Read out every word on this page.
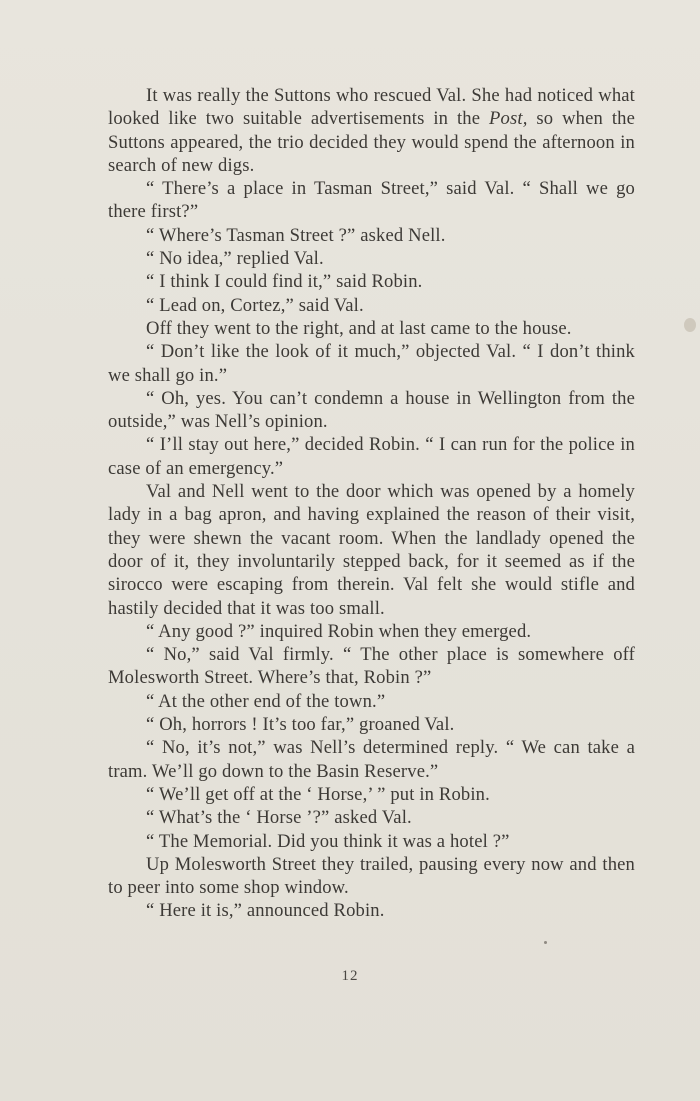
It was really the Suttons who rescued Val. She had noticed what looked like two suitable advertisements in the Post, so when the Suttons appeared, the trio decided they would spend the afternoon in search of new digs.

“ There’s a place in Tasman Street,” said Val. “ Shall we go there first?”

“ Where’s Tasman Street ?” asked Nell.

“ No idea,” replied Val.

“ I think I could find it,” said Robin.

“ Lead on, Cortez,” said Val.

Off they went to the right, and at last came to the house.

“ Don’t like the look of it much,” objected Val. “ I don’t think we shall go in.”

“ Oh, yes. You can’t condemn a house in Wellington from the outside,” was Nell’s opinion.

“ I’ll stay out here,” decided Robin. “ I can run for the police in case of an emergency.”

Val and Nell went to the door which was opened by a homely lady in a bag apron, and having explained the reason of their visit, they were shewn the vacant room. When the landlady opened the door of it, they involuntarily stepped back, for it seemed as if the sirocco were escaping from therein. Val felt she would stifle and hastily decided that it was too small.

“ Any good ?” inquired Robin when they emerged.

“ No,” said Val firmly. “ The other place is somewhere off Molesworth Street. Where’s that, Robin ?”

“ At the other end of the town.”

“ Oh, horrors ! It’s too far,” groaned Val.

“ No, it’s not,” was Nell’s determined reply. “ We can take a tram. We’ll go down to the Basin Reserve.”

“ We’ll get off at the ‘ Horse,’ ” put in Robin.

“ What’s the ‘ Horse ’?” asked Val.

“ The Memorial. Did you think it was a hotel ?”

Up Molesworth Street they trailed, pausing every now and then to peer into some shop window.

“ Here it is,” announced Robin.

12
